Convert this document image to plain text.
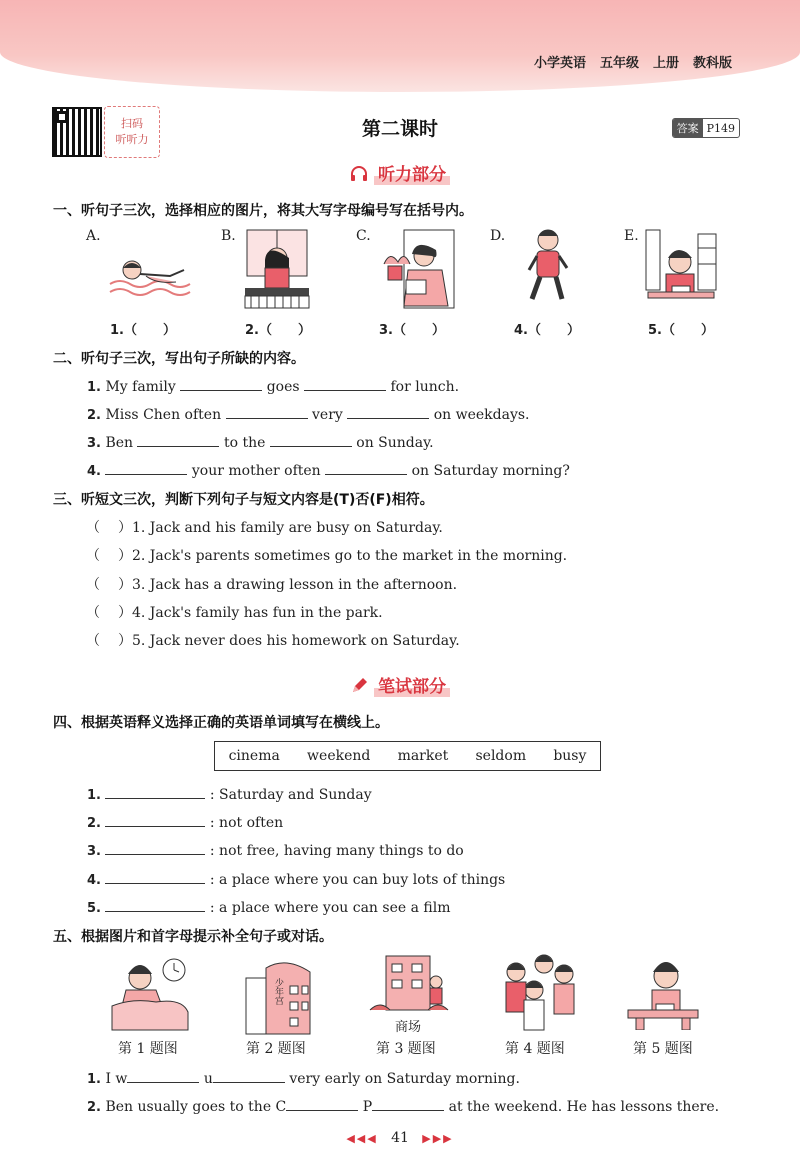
小学英语 五年级 上册 教科版
扫码
听听力	第二课时	答案 P149
听力部分
一、听句子三次，选择相应的图片，将其大写字母编号写在括号内。
A.	B.	C.	D.	E.
1.（　　）	2.（　　）	3.（　　）	4.（　　）	5.（　　）
二、听句子三次，写出句子所缺的内容。
1. My family	goes	for lunch.
2. Miss Chen often	very	on weekdays.
3. Ben	to the	on Sunday.
4.	your mother often	on Saturday morning?
三、听短文三次，判断下列句子与短文内容是(T)否(F)相符。
（ ）1. Jack and his family are busy on Saturday.
（ ）2. Jack's parents sometimes go to the market in the morning.
（ ）3. Jack has a drawing lesson in the afternoon.
（ ）4. Jack's family has fun in the park.
（ ）5. Jack never does his homework on Saturday.
笔试部分
四、根据英语释义选择正确的英语单词填写在横线上。
cinema weekend market seldom busy
1.	: Saturday and Sunday
2.	: not often
3.	: not free, having many things to do
4.	: a place where you can buy lots of things
5.	: a place where you can see a film
五、根据图片和首字母提示补全句子或对话。
少年宫
商场
第 1 题图	第 2 题图	第 3 题图	第 4 题图	第 5 题图
1. I w	u	very early on Saturday morning.
2. Ben usually goes to the C	P	at the weekend. He has lessons there.
◀◀◀ 41 ▶▶▶
